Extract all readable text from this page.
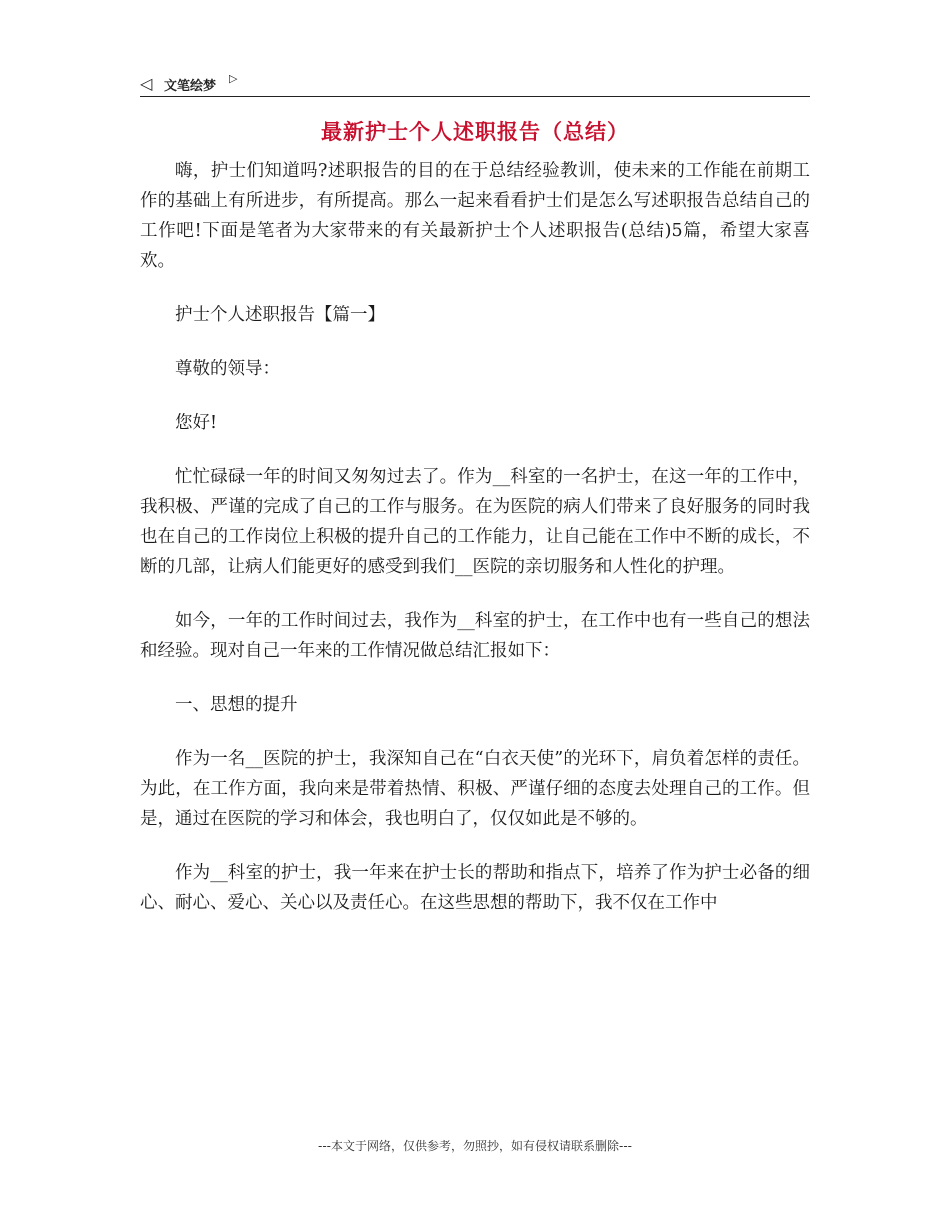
◁ 文笔绘梦
▷
最新护士个人述职报告（总结）

嗨，护士们知道吗?述职报告的目的在于总结经验教训，使未来的工作能在前期工作的基础上有所进步，有所提高。那么一起来看看护士们是怎么写述职报告总结自己的工作吧!下面是笔者为大家带来的有关最新护士个人述职报告(总结)5篇，希望大家喜欢。

护士个人述职报告【篇一】

尊敬的领导：

您好!

忙忙碌碌一年的时间又匆匆过去了。作为__科室的一名护士，在这一年的工作中，我积极、严谨的完成了自己的工作与服务。在为医院的病人们带来了良好服务的同时我也在自己的工作岗位上积极的提升自己的工作能力，让自己能在工作中不断的成长，不断的几部，让病人们能更好的感受到我们__医院的亲切服务和人性化的护理。

如今，一年的工作时间过去，我作为__科室的护士，在工作中也有一些自己的想法和经验。现对自己一年来的工作情况做总结汇报如下：

一、思想的提升

作为一名__医院的护士，我深知自己在“白衣天使”的光环下，肩负着怎样的责任。为此，在工作方面，我向来是带着热情、积极、严谨仔细的态度去处理自己的工作。但是，通过在医院的学习和体会，我也明白了，仅仅如此是不够的。

作为__科室的护士，我一年来在护士长的帮助和指点下，培养了作为护士必备的细心、耐心、爱心、关心以及责任心。在这些思想的帮助下，我不仅在工作中

---本文于网络，仅供参考，勿照抄，如有侵权请联系删除---
